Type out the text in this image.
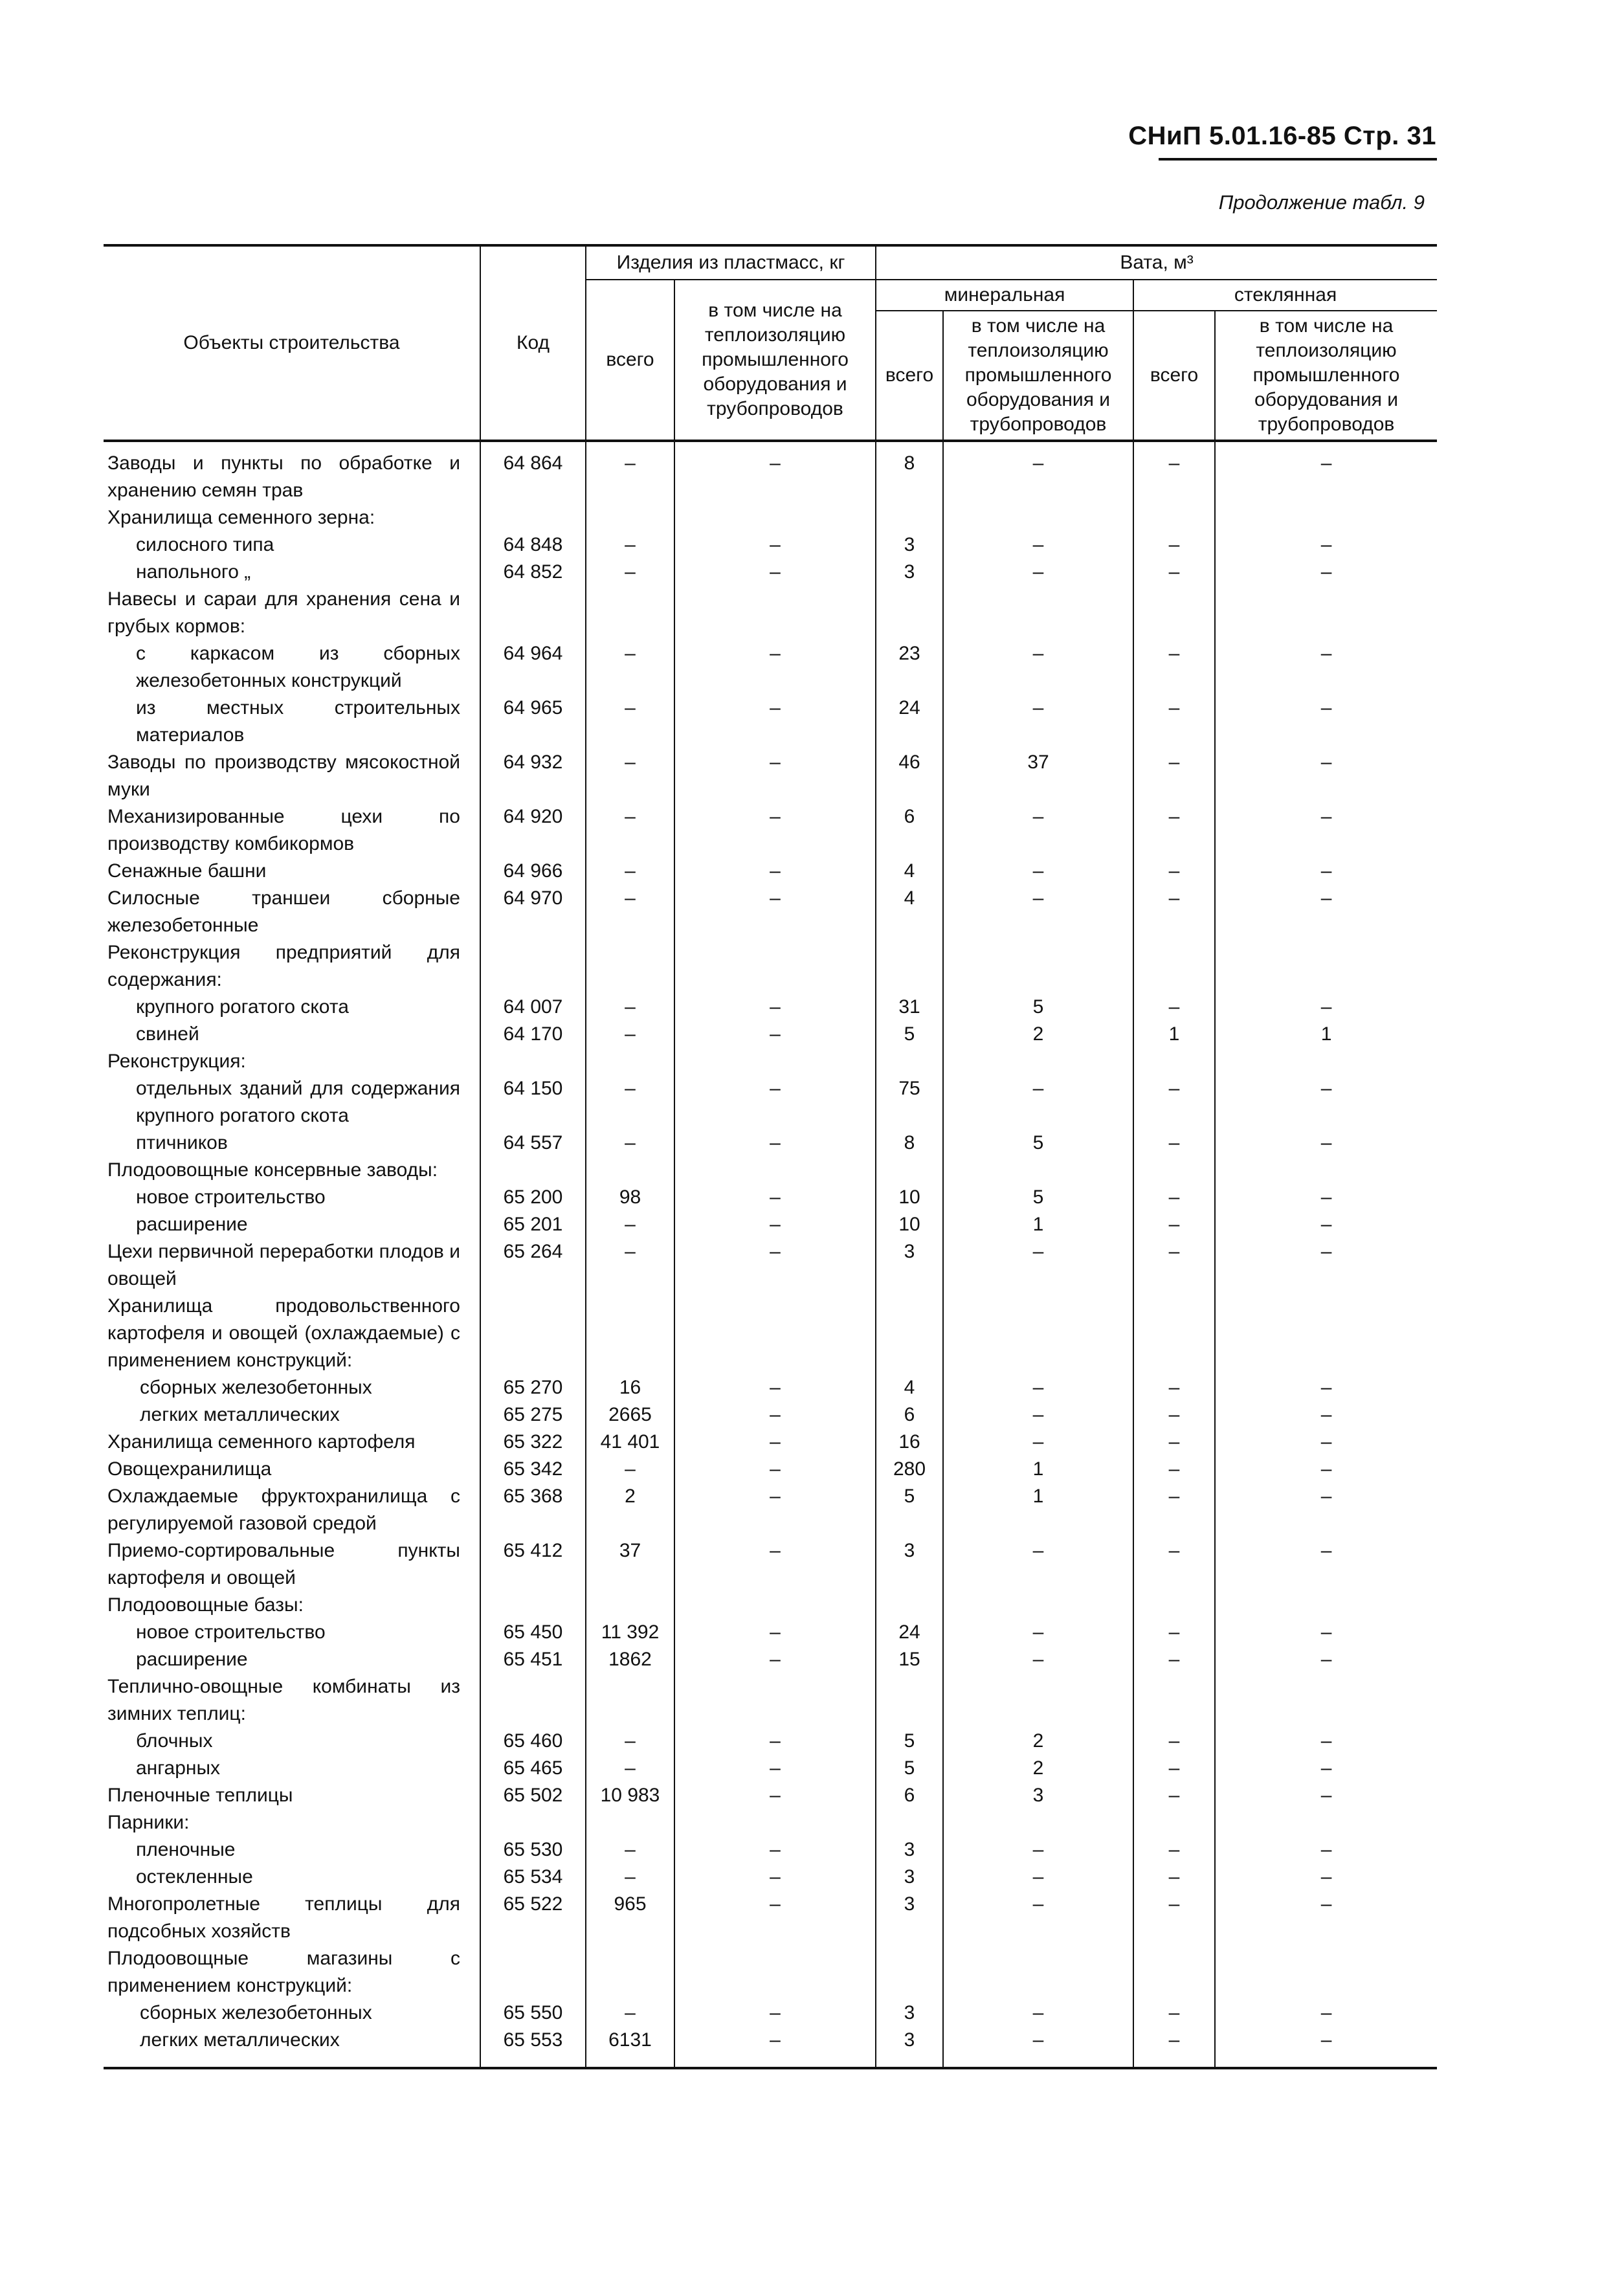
СНиП 5.01.16-85 Стр. 31
Продолжение табл. 9
Объекты строительства	Код	Изделия из пластмасс, кг		Вата, м³			
		всего	в том числе на теплоизоляцию промышленного оборудования и трубопроводов	минеральная		стеклянная	
				всего	в том числе на теплоизоляцию промышленного оборудования и трубопроводов	всего	в том числе на теплоизоляцию промышленного оборудования и трубопроводов
Заводы и пункты по обработке и хранению семян трав	64 864	–	–	8	–	–	–
Хранилища семенного зерна:							
силосного типа	64 848	–	–	3	–	–	–
напольного „	64 852	–	–	3	–	–	–
Навесы и сараи для хранения сена и грубых кормов:							
с каркасом из сборных железобетонных конструкций	64 964	–	–	23	–	–	–
из местных строительных материалов	64 965	–	–	24	–	–	–
Заводы по производству мясокостной муки	64 932	–	–	46	37	–	–
Механизированные цехи по производству комбикормов	64 920	–	–	6	–	–	–
Сенажные башни	64 966	–	–	4	–	–	–
Силосные траншеи сборные железобетонные	64 970	–	–	4	–	–	–
Реконструкция предприятий для содержания:							
крупного рогатого скота	64 007	–	–	31	5	–	–
свиней	64 170	–	–	5	2	1	1
Реконструкция:							
отдельных зданий для содержания крупного рогатого скота	64 150	–	–	75	–	–	–
птичников	64 557	–	–	8	5	–	–
Плодоовощные консервные заводы:							
новое строительство	65 200	98	–	10	5	–	–
расширение	65 201	–	–	10	1	–	–
Цехи первичной переработки плодов и овощей	65 264	–	–	3	–	–	–
Хранилища продовольственного картофеля и овощей (охлаждаемые) с применением конструкций:							
сборных железобетонных	65 270	16	–	4	–	–	–
легких металлических	65 275	2665	–	6	–	–	–
Хранилища семенного картофеля	65 322	41 401	–	16	–	–	–
Овощехранилища	65 342	–	–	280	1	–	–
Охлаждаемые фруктохранилища с регулируемой газовой средой	65 368	2	–	5	1	–	–
Приемо-сортировальные пункты картофеля и овощей	65 412	37	–	3	–	–	–
Плодоовощные базы:							
новое строительство	65 450	11 392	–	24	–	–	–
расширение	65 451	1862	–	15	–	–	–
Теплично-овощные комбинаты из зимних теплиц:							
блочных	65 460	–	–	5	2	–	–
ангарных	65 465	–	–	5	2	–	–
Пленочные теплицы	65 502	10 983	–	6	3	–	–
Парники:							
пленочные	65 530	–	–	3	–	–	–
остекленные	65 534	–	–	3	–	–	–
Многопролетные теплицы для подсобных хозяйств	65 522	965	–	3	–	–	–
Плодоовощные магазины с применением конструкций:							
сборных железобетонных	65 550	–	–	3	–	–	–
легких металлических	65 553	6131	–	3	–	–	–
